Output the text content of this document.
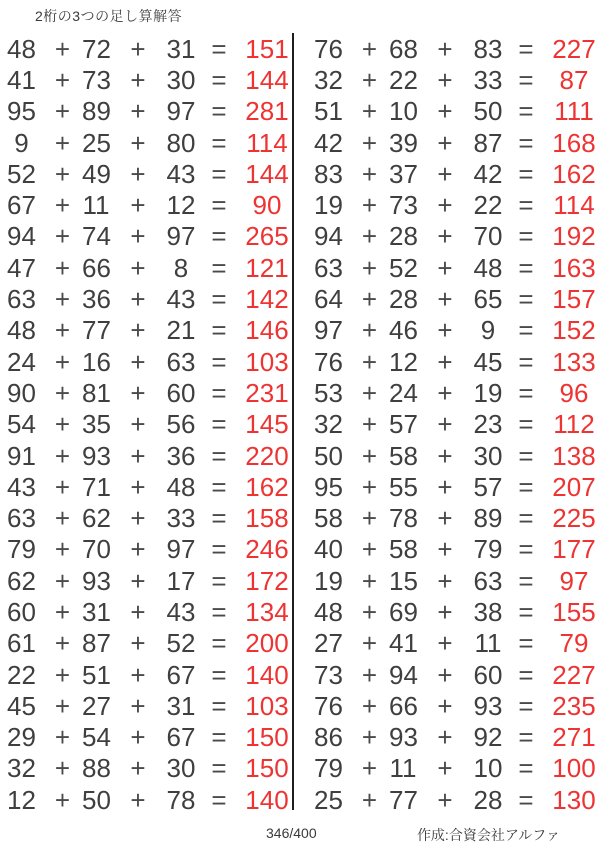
2桁の3つの足し算解答
48 + 72 + 31 = 151
41 + 73 + 30 = 144
95 + 89 + 97 = 281
9	+ 25 + 80 = 114
52 + 49 + 43 = 144
67 + 11 + 12 = 90
94 + 74 + 97 = 265
47 + 66 +	8 = 121
63 + 36 + 43 = 142
48 + 77 + 21 = 146
24 + 16 + 63 = 103
90 + 81 + 60 = 231
54 + 35 + 56 = 145
91 + 93 + 36 = 220
43 + 71 + 48 = 162
63 + 62 + 33 = 158
79 + 70 + 97 = 246
62 + 93 + 17 = 172
60 + 31 + 43 = 134
61 + 87 + 52 = 200
22 + 51 + 67 = 140
45 + 27 + 31 = 103
29 + 54 + 67 = 150
32 + 88 + 30 = 150
12 + 50 + 78 = 140
76 + 68 + 83 = 227
32 + 22 + 33 = 87
51 + 10 + 50 = 111
42 + 39 + 87 = 168
83 + 37 + 42 = 162
19 + 73 + 22 = 114
94 + 28 + 70 = 192
63 + 52 + 48 = 163
64 + 28 + 65 = 157
97 + 46 +	9 = 152
76 + 12 + 45 = 133
53 + 24 + 19 = 96
32 + 57 + 23 = 112
50 + 58 + 30 = 138
95 + 55 + 57 = 207
58 + 78 + 89 = 225
40 + 58 + 79 = 177
19 + 15 + 63 = 97
48 + 69 + 38 = 155
27 + 41 + 11 = 79
73 + 94 + 60 = 227
76 + 66 + 93 = 235
86 + 93 + 92 = 271
79 + 11 + 10 = 100
25 + 77 + 28 = 130
346/400	作成:合資会社アルファ
